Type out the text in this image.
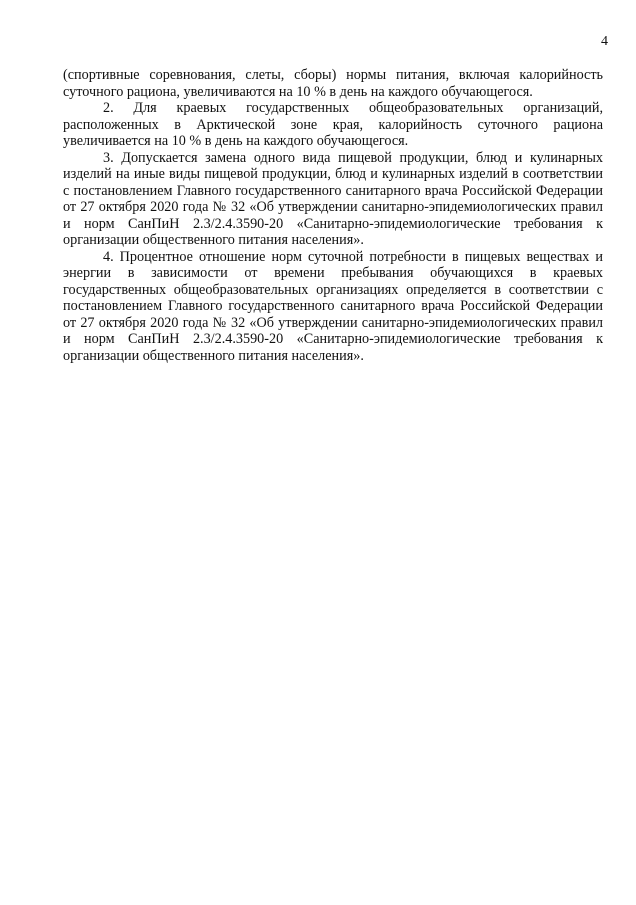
4

(спортивные соревнования, слеты, сборы) нормы питания, включая калорийность суточного рациона, увеличиваются на 10 % в день на каждого обучающегося.

2. Для краевых государственных общеобразовательных организаций, расположенных в Арктической зоне края, калорийность суточного рациона увеличивается на 10 % в день на каждого обучающегося.

3. Допускается замена одного вида пищевой продукции, блюд и кулинарных изделий на иные виды пищевой продукции, блюд и кулинарных изделий в соответствии с постановлением Главного государственного санитарного врача Российской Федерации от 27 октября 2020 года № 32 «Об утверждении санитарно-эпидемиологических правил и норм СанПиН 2.3/2.4.3590-20 «Санитарно-эпидемиологические требования к организации общественного питания населения».

4. Процентное отношение норм суточной потребности в пищевых веществах и энергии в зависимости от времени пребывания обучающихся в краевых государственных общеобразовательных организациях определяется в соответствии с постановлением Главного государственного санитарного врача Российской Федерации от 27 октября 2020 года № 32 «Об утверждении санитарно-эпидемиологических правил и норм СанПиН 2.3/2.4.3590-20 «Санитарно-эпидемиологические требования к организации общественного питания населения».
